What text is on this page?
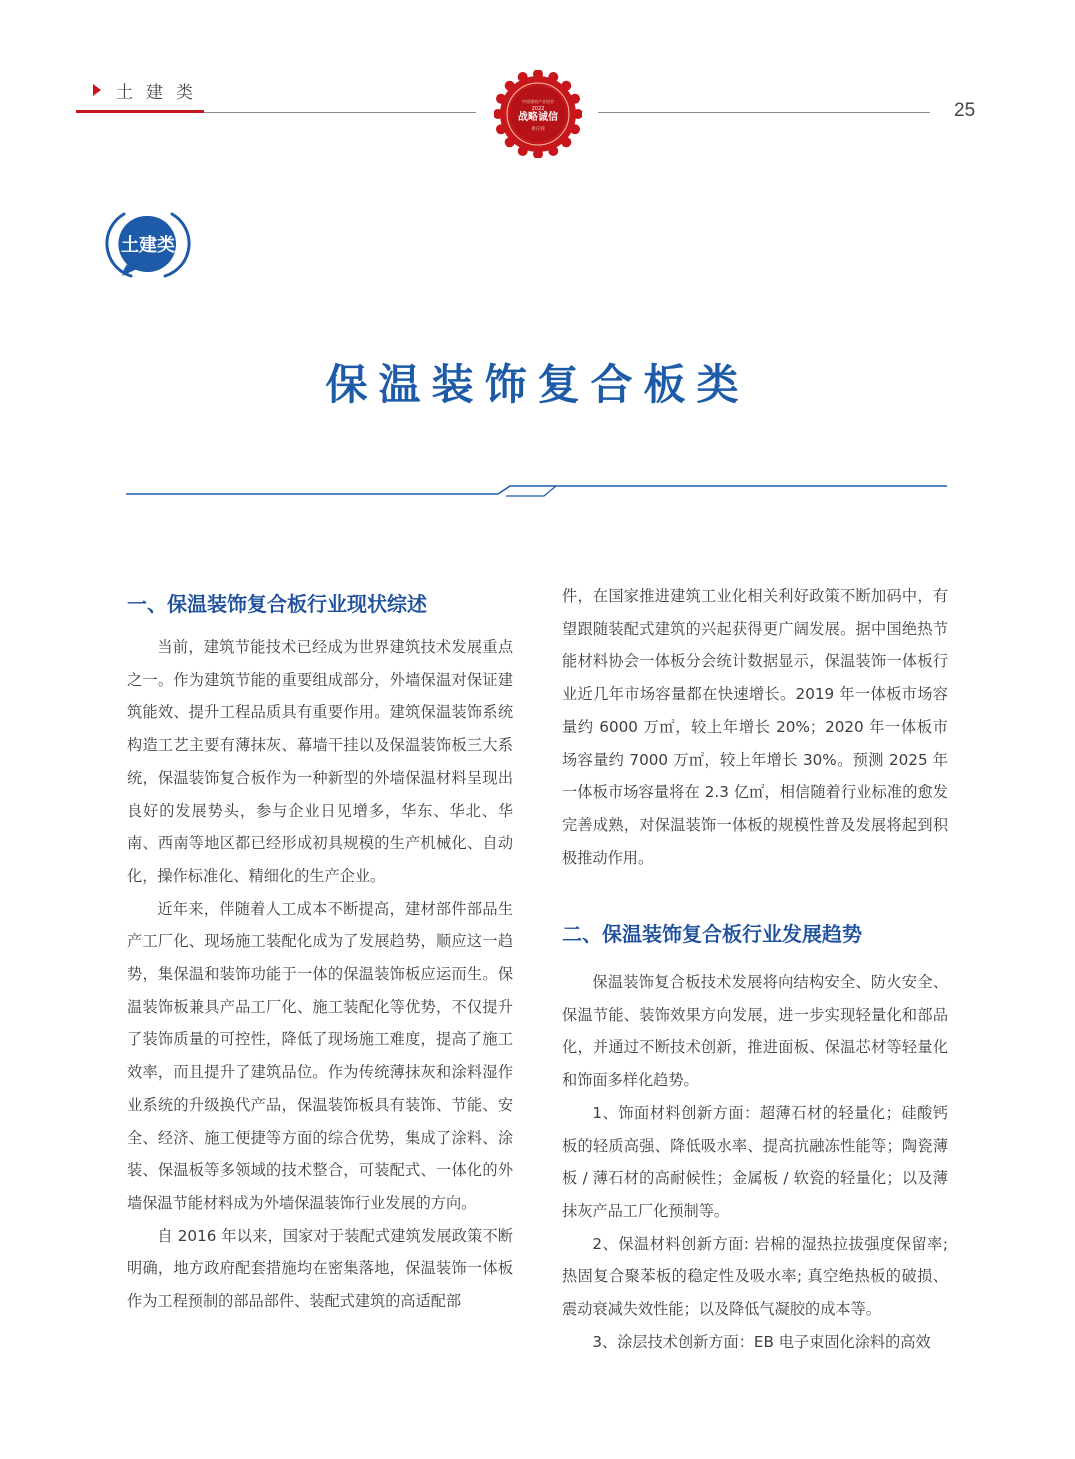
土建类
25
中国建筑产业协会
2022
战略诚信
供应商
土建类
保温装饰复合板类
一、保温装饰复合板行业现状综述

当前，建筑节能技术已经成为世界建筑技术发展重点之一。作为建筑节能的重要组成部分，外墙保温对保证建筑能效、提升工程品质具有重要作用。建筑保温装饰系统构造工艺主要有薄抹灰、幕墙干挂以及保温装饰板三大系统，保温装饰复合板作为一种新型的外墙保温材料呈现出良好的发展势头，参与企业日见增多，华东、华北、华南、西南等地区都已经形成初具规模的生产机械化、自动化，操作标准化、精细化的生产企业。

近年来，伴随着人工成本不断提高，建材部件部品生产工厂化、现场施工装配化成为了发展趋势，顺应这一趋势，集保温和装饰功能于一体的保温装饰板应运而生。保温装饰板兼具产品工厂化、施工装配化等优势，不仅提升了装饰质量的可控性，降低了现场施工难度，提高了施工效率，而且提升了建筑品位。作为传统薄抹灰和涂料湿作业系统的升级换代产品，保温装饰板具有装饰、节能、安全、经济、施工便捷等方面的综合优势，集成了涂料、涂装、保温板等多领域的技术整合，可装配式、一体化的外墙保温节能材料成为外墙保温装饰行业发展的方向。

自 2016 年以来，国家对于装配式建筑发展政策不断明确，地方政府配套措施均在密集落地，保温装饰一体板作为工程预制的部品部件、装配式建筑的高适配部

件，在国家推进建筑工业化相关利好政策不断加码中，有望跟随装配式建筑的兴起获得更广阔发展。据中国绝热节能材料协会一体板分会统计数据显示，保温装饰一体板行业近几年市场容量都在快速增长。2019 年一体板市场容量约 6000 万㎡，较上年增长 20%；2020 年一体板市场容量约 7000 万㎡，较上年增长 30%。预测 2025 年一体板市场容量将在 2.3 亿㎡，相信随着行业标准的愈发完善成熟，对保温装饰一体板的规模性普及发展将起到积极推动作用。

二、保温装饰复合板行业发展趋势

保温装饰复合板技术发展将向结构安全、防火安全、保温节能、装饰效果方向发展，进一步实现轻量化和部品化，并通过不断技术创新，推进面板、保温芯材等轻量化和饰面多样化趋势。

1、饰面材料创新方面：超薄石材的轻量化；硅酸钙板的轻质高强、降低吸水率、提高抗融冻性能等；陶瓷薄板 / 薄石材的高耐候性；金属板 / 软瓷的轻量化；以及薄抹灰产品工厂化预制等。

2、保温材料创新方面: 岩棉的湿热拉拔强度保留率; 热固复合聚苯板的稳定性及吸水率; 真空绝热板的破损、震动衰减失效性能；以及降低气凝胶的成本等。

3、涂层技术创新方面：EB 电子束固化涂料的高效
